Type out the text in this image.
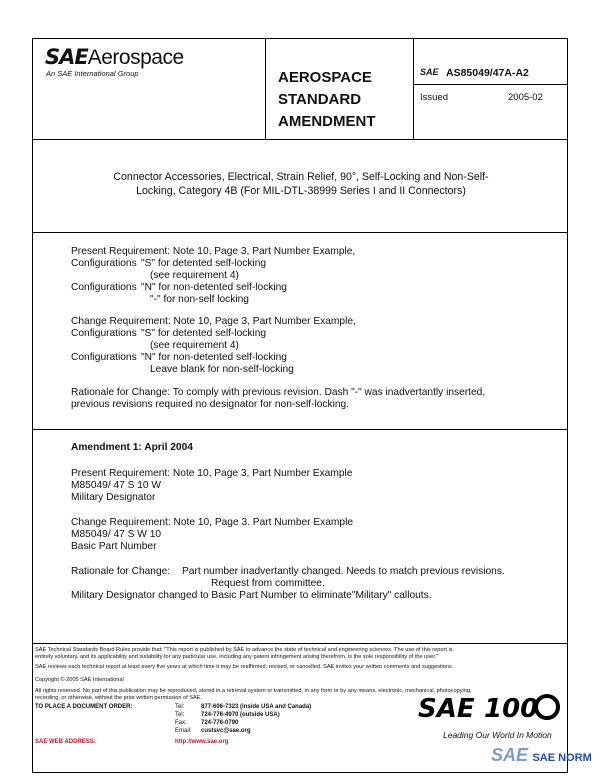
SAEAerospace
An SAE International Group	AEROSPACE
STANDARD
AMENDMENT
SAE AS85049/47A-A2
Issued	2005-02

Connector Accessories, Electrical, Strain Relief, 90°, Self-Locking and Non-Self-
Locking, Category 4B (For MIL-DTL-38999 Series I and II Connectors)

Present Requirement: Note 10, Page 3, Part Number Example,
Configurations "S" for detented self-locking
(see requirement 4)
Configurations "N" for non-detented self-locking
"-" for non-self locking
Change Requirement: Note 10, Page 3, Part Number Example,
Configurations "S" for detented self-locking
(see requirement 4)
Configurations "N" for non-detented self-locking
Leave blank for non-self-locking
Rationale for Change: To comply with previous revision. Dash "-" was inadvertantly inserted,
previous revisions required no designator for non-self-locking.
Amendment 1: April 2004
Present Requirement: Note 10, Page 3, Part Number Example
M85049/ 47 S 10 W
Military Designator
Change Requirement: Note 10, Page 3. Part Number Example
M85049/ 47 S W 10
Basic Part Number
Rationale for Change: Part number inadvertantly changed. Needs to match previous revisions.
Request from committee.
Military Designator changed to Basic Part Number to eliminate"Military" callouts.
SAE Technical Standards Board Rules provide that: "This report is published by SAE to advance the state of technical and engineering sciences. The use of this report is
entirely voluntary, and its applicability and suitability for any particular use, including any patent infringement arising therefrom, is the sole responsibility of the user."
SAE reviews each technical report at least every five years at which time it may be reaffirmed, revised, or cancelled. SAE invites your written comments and suggestions.
Copyright © 2005 SAE International
All rights reserved. No part of this publication may be reproduced, stored in a retrieval system or transmitted, in any form or by any means, electronic, mechanical, photocopying,
recording, or otherwise, without the prior written permission of SAE.
TO PLACE A DOCUMENT ORDER:	Tel:	877-606-7323 (inside USA and Canada)
Tel:	724-776-4970 (outside USA)
Fax: 724-776-0790
Email: custsvc@sae.org
SAE WEB ADDRESS:	http://www.sae.org
SAE 100
Leading Our World In Motion
SAE SAE NORM
